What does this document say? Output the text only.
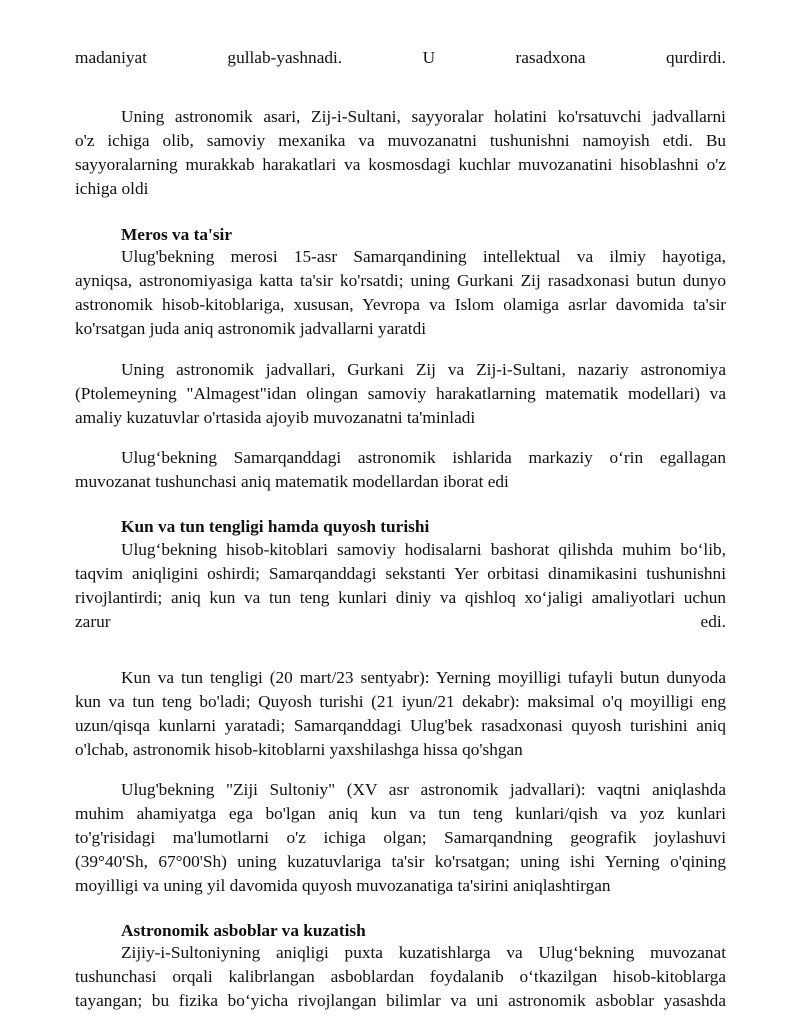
madaniyat gullab-yashnadi. U rasadxona qurdirdi.
Uning astronomik asari, Zij-i-Sultani, sayyoralar holatini ko'rsatuvchi jadvallarni
o'z ichiga olib, samoviy mexanika va muvozanatni tushunishni namoyish etdi. Bu
sayyoralarning murakkab harakatlari va kosmosdagi kuchlar muvozanatini hisoblashni o'z
ichiga oldi
Meros va ta'sir
Ulug'bekning merosi 15-asr Samarqandining intellektual va ilmiy hayotiga,
ayniqsa, astronomiyasiga katta ta'sir ko'rsatdi; uning Gurkani Zij rasadxonasi butun dunyo
astronomik hisob-kitoblariga, xususan, Yevropa va Islom olamiga asrlar davomida ta'sir
ko'rsatgan juda aniq astronomik jadvallarni yaratdi
Uning astronomik jadvallari, Gurkani Zij va Zij-i-Sultani, nazariy astronomiya
(Ptolemeyning "Almagest"idan olingan samoviy harakatlarning matematik modellari) va
amaliy kuzatuvlar o'rtasida ajoyib muvozanatni ta'minladi
Ulug‘bekning Samarqanddagi astronomik ishlarida markaziy o‘rin egallagan
muvozanat tushunchasi aniq matematik modellardan iborat edi
Kun va tun tengligi hamda quyosh turishi
Ulug‘bekning hisob-kitoblari samoviy hodisalarni bashorat qilishda muhim bo‘lib,
taqvim aniqligini oshirdi; Samarqanddagi sekstanti Yer orbitasi dinamikasini tushunishni
rivojlantirdi; aniq kun va tun teng kunlari diniy va qishloq xo‘jaligi amaliyotlari uchun
zarur edi.
Kun va tun tengligi (20 mart/23 sentyabr): Yerning moyilligi tufayli butun dunyoda
kun va tun teng bo'ladi; Quyosh turishi (21 iyun/21 dekabr): maksimal o'q moyilligi eng
uzun/qisqa kunlarni yaratadi; Samarqanddagi Ulug'bek rasadxonasi quyosh turishini aniq
o'lchab, astronomik hisob-kitoblarni yaxshilashga hissa qo'shgan
Ulug'bekning "Ziji Sultoniy" (XV asr astronomik jadvallari): vaqtni aniqlashda
muhim ahamiyatga ega bo'lgan aniq kun va tun teng kunlari/qish va yoz kunlari
to'g'risidagi ma'lumotlarni o'z ichiga olgan; Samarqandning geografik joylashuvi
(39°40'Sh, 67°00'Sh) uning kuzatuvlariga ta'sir ko'rsatgan; uning ishi Yerning o'qining
moyilligi va uning yil davomida quyosh muvozanatiga ta'sirini aniqlashtirgan
Astronomik asboblar va kuzatish
Zijiy-i-Sultoniyning aniqligi puxta kuzatishlarga va Ulug‘bekning muvozanat
tushunchasi orqali kalibrlangan asboblardan foydalanib o‘tkazilgan hisob-kitoblarga
tayangan; bu fizika bo‘yicha rivojlangan bilimlar va uni astronomik asboblar yasashda
